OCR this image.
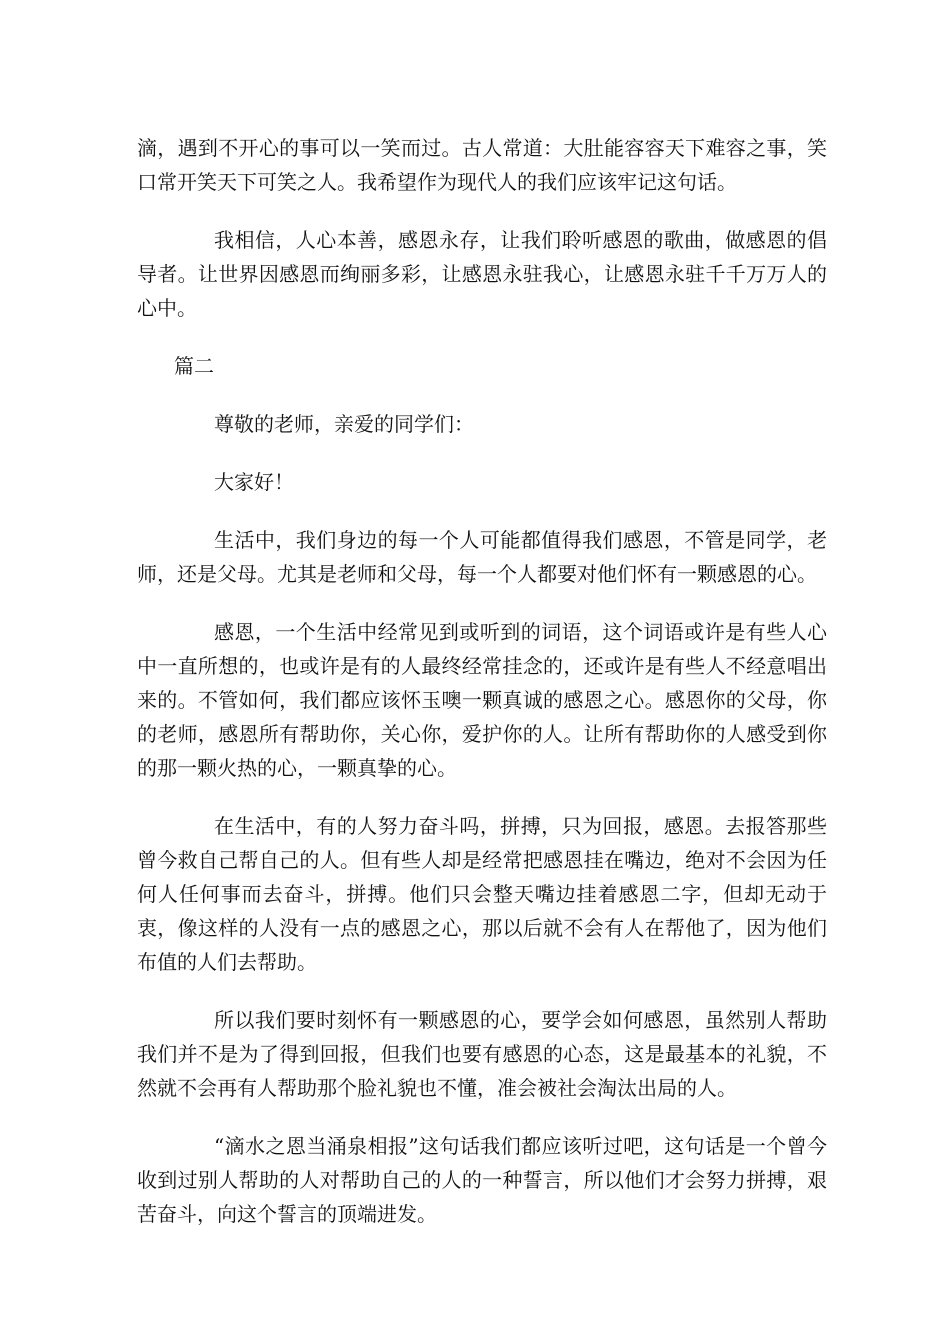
滴，遇到不开心的事可以一笑而过。古人常道：大肚能容容天下难容之事，笑口常开笑天下可笑之人。我希望作为现代人的我们应该牢记这句话。

我相信，人心本善，感恩永存，让我们聆听感恩的歌曲，做感恩的倡导者。让世界因感恩而绚丽多彩，让感恩永驻我心，让感恩永驻千千万万人的心中。

篇二

尊敬的老师，亲爱的同学们：

大家好！

生活中，我们身边的每一个人可能都值得我们感恩，不管是同学，老师，还是父母。尤其是老师和父母，每一个人都要对他们怀有一颗感恩的心。

感恩，一个生活中经常见到或听到的词语，这个词语或许是有些人心中一直所想的，也或许是有的人最终经常挂念的，还或许是有些人不经意唱出来的。不管如何，我们都应该怀玉噢一颗真诚的感恩之心。感恩你的父母，你的老师，感恩所有帮助你，关心你，爱护你的人。让所有帮助你的人感受到你的那一颗火热的心，一颗真挚的心。

在生活中，有的人努力奋斗吗，拼搏，只为回报，感恩。去报答那些曾今救自己帮自己的人。但有些人却是经常把感恩挂在嘴边，绝对不会因为任何人任何事而去奋斗，拼搏。他们只会整天嘴边挂着感恩二字，但却无动于衷，像这样的人没有一点的感恩之心，那以后就不会有人在帮他了，因为他们布值的人们去帮助。

所以我们要时刻怀有一颗感恩的心，要学会如何感恩，虽然别人帮助我们并不是为了得到回报，但我们也要有感恩的心态，这是最基本的礼貌，不然就不会再有人帮助那个脸礼貌也不懂，准会被社会淘汰出局的人。

“滴水之恩当涌泉相报”这句话我们都应该听过吧，这句话是一个曾今收到过别人帮助的人对帮助自己的人的一种誓言，所以他们才会努力拼搏，艰苦奋斗，向这个誓言的顶端进发。
